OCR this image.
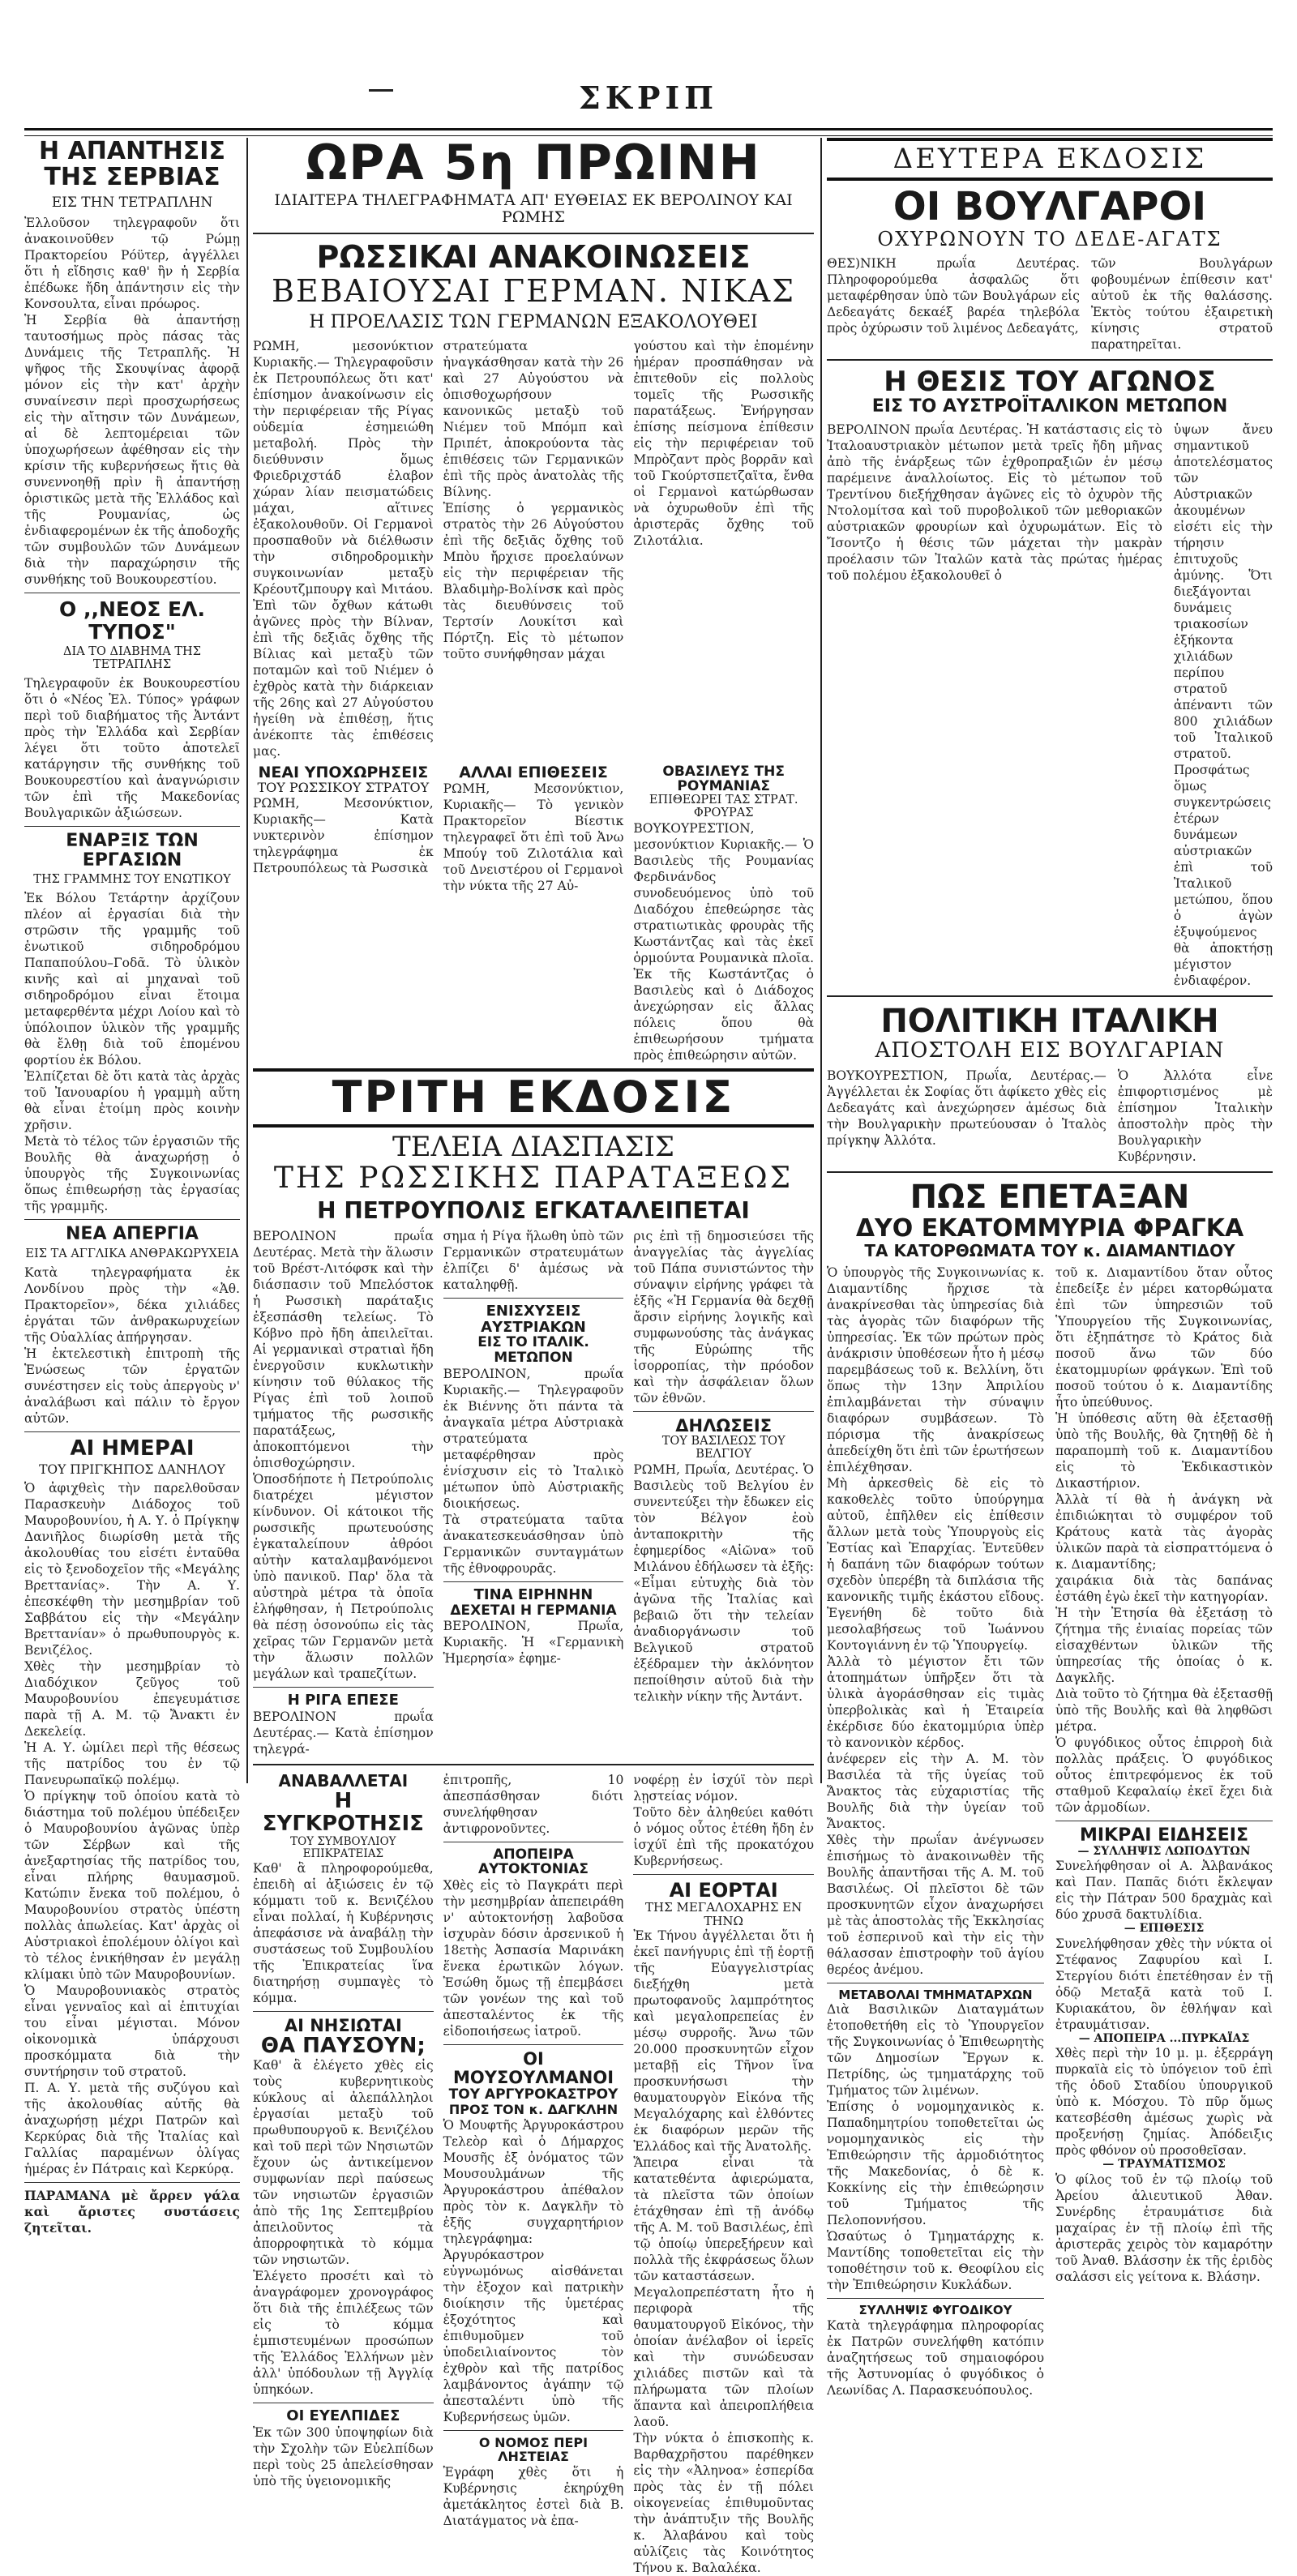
ΣΚΡΙΠ
Η ΑΠΑΝΤΗΣΙΣ
ΤΗΣ ΣΕΡΒΙΑΣ
ΕΙΣ ΤΗΝ ΤΕΤΡΑΠΛΗΝ

Ἐλλοῦσον τηλεγραφοῦν ὅτι ἀνακοινοῦθεν τῷ Ρώμῃ Πρακτορείου Ρόϋτερ, ἀγγέλλει ὅτι ἡ εἴδησις καθ' ἣν ἡ Σερβία ἐπέδωκε ἤδη ἀπάντησιν εἰς τὴν Κονσουλτα, εἶναι πρόωρος.

Ἡ Σερβία θὰ ἀπαντήσῃ ταυτοσήμως πρὸς πάσας τὰς Δυνάμεις τῆς Τετραπλῆς. Ἡ ψῆφος τῆς Σκουψίνας ἀφορᾷ μόνον εἰς τὴν κατ' ἀρχὴν συναίνεσιν περὶ προσχωρήσεως εἰς τὴν αἴτησιν τῶν Δυνάμεων, αἱ δὲ λεπτομέρειαι τῶν ὑποχωρήσεων ἀφέθησαν εἰς τὴν κρίσιν τῆς κυβερνήσεως ἥτις θὰ συνεννοηθῇ πρὶν ἢ ἀπαντήσῃ ὁριστικῶς μετὰ τῆς Ἑλλάδος καὶ τῆς Ρουμανίας, ὡς ἐνδιαφερομένων ἐκ τῆς ἀποδοχῆς τῶν συμβουλῶν τῶν Δυνάμεων διὰ τὴν παραχώρησιν τῆς συνθήκης τοῦ Βουκουρεστίου.

Ο ,,ΝΕΟΣ ΕΛ. ΤΥΠΟΣ"
ΔΙΑ ΤΟ ΔΙΑΒΗΜΑ ΤΗΣ ΤΕΤΡΑΠΛΗΣ

Τηλεγραφοῦν ἐκ Βουκουρεστίου ὅτι ὁ «Νέος Ἑλ. Τύπος» γράφων περὶ τοῦ διαβήματος τῆς Ἀντάντ πρὸς τὴν Ἑλλάδα καὶ Σερβίαν λέγει ὅτι τοῦτο ἀποτελεῖ κατάργησιν τῆς συνθήκης τοῦ Βουκουρεστίου καὶ ἀναγνώρισιν τῶν ἐπὶ τῆς Μακεδονίας Βουλγαρικῶν ἀξιώσεων.

ΕΝΑΡΞΙΣ ΤΩΝ ΕΡΓΑΣΙΩΝ
ΤΗΣ ΓΡΑΜΜΗΣ ΤΟΥ ΕΝΩΤΙΚΟΥ

Ἐκ Βόλου Τετάρτην ἀρχίζουν πλέον αἱ ἐργασίαι διὰ τὴν στρῶσιν τῆς γραμμῆς τοῦ ἑνωτικοῦ σιδηροδρόμου Παπαπούλου–Γοδᾶ. Τὸ ὑλικὸν κινῆς καὶ αἱ μηχαναὶ τοῦ σιδηροδρόμου εἶναι ἕτοιμα μεταφερθέντα μέχρι Λοίου καὶ τὸ ὑπόλοιπον ὑλικὸν τῆς γραμμῆς θὰ ἔλθῃ διὰ τοῦ ἑπομένου φορτίου ἐκ Βόλου.

Ἐλπίζεται δὲ ὅτι κατὰ τὰς ἀρχὰς τοῦ Ἰανουαρίου ἡ γραμμὴ αὕτη θὰ εἶναι ἑτοίμη πρὸς κοινὴν χρῆσιν.

Μετὰ τὸ τέλος τῶν ἐργασιῶν τῆς Βουλῆς θὰ ἀναχωρήσῃ ὁ ὑπουργὸς τῆς Συγκοινωνίας ὅπως ἐπιθεωρήσῃ τὰς ἐργασίας τῆς γραμμῆς.

ΝΕΑ ΑΠΕΡΓΙΑ
ΕΙΣ ΤΑ ΑΓΓΛΙΚΑ ΑΝΘΡΑΚΩΡΥΧΕΙΑ

Κατὰ τηλεγραφήματα ἐκ Λονδίνου πρὸς τὴν «Ἀθ. Πρακτορεῖον», δέκα χιλιάδες ἐργάται τῶν ἀνθρακωρυχείων τῆς Οὐαλλίας ἀπήργησαν.

Ἡ ἐκτελεστικὴ ἐπιτροπὴ τῆς Ἑνώσεως τῶν ἐργατῶν συνέστησεν εἰς τοὺς ἀπεργοὺς ν' ἀναλάβωσι καὶ πάλιν τὸ ἔργον αὐτῶν.

ΑΙ ΗΜΕΡΑΙ
ΤΟΥ ΠΡΙΓΚΗΠΟΣ ΔΑΝΗΛΟΥ

Ὁ ἀφιχθεὶς τὴν παρελθοῦσαν Παρασκευὴν Διάδοχος τοῦ Μαυροβουνίου, ἡ Α. Υ. ὁ Πρίγκηψ Δανιῆλος διωρίσθη μετὰ τῆς ἀκολουθίας του εἰσέτι ἐνταῦθα εἰς τὸ ξενοδοχεῖον τῆς «Μεγάλης Βρεττανίας». Τὴν Α. Υ. ἐπεσκέφθη τὴν μεσημβρίαν τοῦ Σαββάτου εἰς τὴν «Μεγάλην Βρεττανίαν» ὁ πρωθυπουργὸς κ. Βενιζέλος.

Χθὲς τὴν μεσημβρίαν τὸ Διαδόχικον ζεῦγος τοῦ Μαυροβουνίου ἐπεγευμάτισε παρὰ τῇ Α. Μ. τῷ Ἄνακτι ἐν Δεκελείᾳ.

Ἡ Α. Υ. ὡμίλει περὶ τῆς θέσεως τῆς πατρίδος του ἐν τῷ Πανευρωπαϊκῷ πολέμῳ.

Ὁ πρίγκηψ τοῦ ὁποίου κατὰ τὸ διάστημα τοῦ πολέμου ὑπέδειξεν ὁ Μαυροβουνίου ἀγῶνας ὑπὲρ τῶν Σέρβων καὶ τῆς ἀνεξαρτησίας τῆς πατρίδος του, εἶναι πλήρης θαυμασμοῦ. Κατώπιν ἔνεκα τοῦ πολέμου, ὁ Μαυροβουνίου στρατὸς ὑπέστη πολλὰς ἀπωλείας. Κατ' ἀρχὰς οἱ Αὐστριακοὶ ἐπολέμουν ὀλίγοι καὶ τὸ τέλος ἐνικήθησαν ἐν μεγάλῃ κλίμακι ὑπὸ τῶν Μαυροβουνίων.

Ὁ Μαυροβουνιακὸς στρατὸς εἶναι γενναῖος καὶ αἱ ἐπιτυχίαι του εἶναι μέγισται. Μόνον οἰκονομικὰ ὑπάρχουσι προσκόμματα διὰ τὴν συντήρησιν τοῦ στρατοῦ.

Π. Α. Υ. μετὰ τῆς συζύγου καὶ τῆς ἀκολουθίας αὐτῆς θὰ ἀναχωρήσῃ μέχρι Πατρῶν καὶ Κερκύρας διὰ τῆς Ἰταλίας καὶ Γαλλίας παραμένων ὀλίγας ἡμέρας ἐν Πάτραις καὶ Κερκύρᾳ.

ΠΑΡΑΜΑΝΑ μὲ ἄρρεν γάλα καὶ ἄριστες συστάσεις ζητεῖται.

ΩΡΑ 5η ΠΡΩΙΝΗ
ΙΔΙΑΙΤΕΡΑ ΤΗΛΕΓΡΑΦΗΜΑΤΑ ΑΠ' ΕΥΘΕΙΑΣ ΕΚ ΒΕΡΟΛΙΝΟΥ ΚΑΙ ΡΩΜΗΣ
ΡΩΣΣΙΚΑΙ ΑΝΑΚΟΙΝΩΣΕΙΣ
ΒΕΒΑΙΟΥΣΑΙ ΓΕΡΜΑΝ. ΝΙΚΑΣ
Η ΠΡΟΕΛΑΣΙΣ ΤΩΝ ΓΕΡΜΑΝΩΝ ΕΞΑΚΟΛΟΥΘΕΙ

ΡΩΜΗ, μεσονύκτιον Κυριακῆς.— Τηλεγραφοῦσιν ἐκ Πετρουπόλεως ὅτι κατ' ἐπίσημον ἀνακοίνωσιν εἰς τὴν περιφέρειαν τῆς Ρίγας οὐδεμία ἐσημειώθη μεταβολή. Πρὸς τὴν διεύθυνσιν ὅμως Φριεδριχστάδ ἐλαβον χώραν λίαν πεισματώδεις μάχαι, αἵτινες ἐξακολουθοῦν. Οἱ Γερμανοὶ προσπαθοῦν νὰ διέλθωσιν τὴν σιδηροδρομικὴν συγκοινωνίαν μεταξὺ Κρέουτζμπουργ καὶ Μιτάου.

Ἐπὶ τῶν ὄχθων κάτωθι ἀγῶνες πρὸς τὴν Βίλναν, ἐπὶ τῆς δεξιᾶς ὄχθης τῆς Βίλιας καὶ μεταξὺ τῶν ποταμῶν καὶ τοῦ Νιέμεν ὁ ἐχθρὸς κατὰ τὴν διάρκειαν τῆς 26ης καὶ 27 Αὐγούστου ἠγείθη νὰ ἐπιθέσῃ, ἥτις ἀνέκοπτε τὰς ἐπιθέσεις μας.

στρατεύματα ἠναγκάσθησαν κατὰ τὴν 26 καὶ 27 Αὐγούστου νὰ ὀπισθοχωρήσουν κανονικῶς μεταξὺ τοῦ Νιέμεν τοῦ Μπόμπ καὶ Πριπέτ, ἀποκρούοντα τὰς ἐπιθέσεις τῶν Γερμανικῶν ἐπὶ τῆς πρὸς ἀνατολὰς τῆς Βίλνης.

Ἐπίσης ὁ γερμανικὸς στρατὸς τὴν 26 Αὐγούστου ἐπὶ τῆς δεξιᾶς ὄχθης τοῦ Μπὸυ ἤρχισε προελαύνων εἰς τὴν περιφέρειαν τῆς Βλαδιμὴρ-Βολίνσκ καὶ πρὸς τὰς διευθύνσεις τοῦ Τερτσίν Λουκίτσι καὶ Πόρτζη. Εἰς τὸ μέτωπον τοῦτο συνήφθησαν μάχαι

γούστου καὶ τὴν ἑπομένην ἡμέραν προσπάθησαν νὰ ἐπιτεθοῦν εἰς πολλοὺς τομεῖς τῆς Ρωσσικῆς παρατάξεως. Ἐνήργησαν ἐπίσης πείσμονα ἐπίθεσιν εἰς τὴν περιφέρειαν τοῦ Μπρὸζαντ πρὸς βορρᾶν καὶ τοῦ Γκούρτσπετζαϊτα, ἔνθα οἱ Γερμανοὶ κατώρθωσαν νὰ ὀχυρωθοῦν ἐπὶ τῆς ἀριστερᾶς ὄχθης τοῦ Ζιλοτάλια.

ΝΕΑΙ ΥΠΟΧΩΡΗΣΕΙΣ
ΤΟΥ ΡΩΣΣΙΚΟΥ ΣΤΡΑΤΟΥ

ΡΩΜΗ, Μεσονύκτιον, Κυριακῆς— Κατὰ νυκτερινὸν ἐπίσημον τηλεγράφημα ἐκ Πετρουπόλεως τὰ Ρωσσικὰ

ΑΛΛΑΙ ΕΠΙΘΕΣΕΙΣ

ΡΩΜΗ, Μεσονύκτιον, Κυριακῆς— Τὸ γενικὸν Πρακτορεῖον Βίεστικ τηλεγραφεῖ ὅτι ἐπὶ τοῦ Ἀνω Μπούγ τοῦ Ζιλοτάλια καὶ τοῦ Δνειστέρου οἱ Γερμανοὶ τὴν νύκτα τῆς 27 Αὐ-

ΟΒΑΣΙΛΕΥΣ ΤΗΣ ΡΟΥΜΑΝΙΑΣ
ΕΠΙΘΕΩΡΕΙ ΤΑΣ ΣΤΡΑΤ. ΦΡΟΥΡΑΣ

ΒΟΥΚΟΥΡΕΣΤΙΟΝ, μεσονύκτιον Κυριακῆς.— Ὁ Βασιλεὺς τῆς Ρουμανίας Φερδινάνδος συνοδευόμενος ὑπὸ τοῦ Διαδόχου ἐπεθεώρησε τὰς στρατιωτικὰς φρουρὰς τῆς Κωστάντζας καὶ τὰς ἐκεῖ ὁρμούντα Ρουμανικὰ πλοῖα. Ἐκ τῆς Κωστάντζας ὁ Βασιλεὺς καὶ ὁ Διάδοχος ἀνεχώρησαν εἰς ἄλλας πόλεις ὅπου θὰ ἐπιθεωρήσουν τμήματα πρὸς ἐπιθεώρησιν αὐτῶν.

ΤΡΙΤΗ ΕΚΔΟΣΙΣ
ΤΕΛΕΙΑ ΔΙΑΣΠΑΣΙΣ
ΤΗΣ ΡΩΣΣΙΚΗΣ ΠΑΡΑΤΑΞΕΩΣ
Η ΠΕΤΡΟΥΠΟΛΙΣ ΕΓΚΑΤΑΛΕΙΠΕΤΑΙ

ΒΕΡΟΛΙΝΟΝ πρωΐα Δευτέρας. Μετὰ τὴν ἅλωσιν τοῦ Βρέστ-Λιτόφσκ καὶ τὴν διάσπασιν τοῦ Μπελόστοκ ἡ Ρωσσικὴ παράταξις ἐξεσπάσθη τελείως. Τὸ Κόβνο πρὸ ἤδη ἀπειλεῖται. Αἱ γερμανικαὶ στρατιαὶ ἤδη ἐνεργοῦσιν κυκλωτικὴν κίνησιν τοῦ θύλακος τῆς Ρίγας ἐπὶ τοῦ λοιποῦ τμήματος τῆς ρωσσικῆς παρατάξεως, ἀποκοπτόμενοι τὴν ὀπισθοχώρησιν. Ὁποσδήποτε ἡ Πετρούπολις διατρέχει μέγιστον κίνδυνον. Οἱ κάτοικοι τῆς ρωσσικῆς πρωτευούσης ἐγκαταλείπουν ἀθρόοι αὐτὴν καταλαμβανόμενοι ὑπὸ πανικοῦ. Παρ' ὅλα τὰ αὐστηρὰ μέτρα τὰ ὁποῖα ἐλήφθησαν, ἡ Πετρούπολις θὰ πέσῃ ὁσονούπω εἰς τὰς χεῖρας τῶν Γερμανῶν μετὰ τὴν ἅλωσιν πολλῶν μεγάλων καὶ τραπεζίτων.

Η ΡΙΓΑ ΕΠΕΣΕ

ΒΕΡΟΛΙΝΟΝ πρωΐα Δευτέρας.— Κατὰ ἐπίσημον τηλεγρά-

σημα ἡ Ρίγα ἥλωθη ὑπὸ τῶν Γερμανικῶν στρατευμάτων ἐλπίζει δ' ἀμέσως νὰ καταληφθῇ.

ΕΝΙΣΧΥΣΕΙΣ ΑΥΣΤΡΙΑΚΩΝ
ΕΙΣ ΤΟ ΙΤΑΛΙΚ. ΜΕΤΩΠΟΝ

ΒΕΡΟΛΙΝΟΝ, πρωΐα Κυριακῆς.— Τηλεγραφοῦν ἐκ Βιέννης ὅτι πάντα τὰ ἀναγκαῖα μέτρα Αὐστριακὰ στρατεύματα μεταφέρθησαν πρὸς ἐνίσχυσιν εἰς τὸ Ἰταλικὸ μέτωπον ὑπὸ Αὐστριακῆς διοικήσεως.

Τὰ στρατεύματα ταῦτα ἀνακατεσκευάσθησαν ὑπὸ Γερμανικῶν συνταγμάτων τῆς ἐθνοφρουρᾶς.

ΤΙΝΑ ΕΙΡΗΝΗΝ
ΔΕΧΕΤΑΙ Η ΓΕΡΜΑΝΙΑ

ΒΕΡΟΛΙΝΟΝ, Πρωΐα, Κυριακῆς. Ἡ «Γερμανικὴ Ἡμερησία» ἐφημε-

ρις ἐπὶ τῇ δημοσιεύσει τῆς ἀναγγελίας τὰς ἀγγελίας τοῦ Πάπα συνιστώντος τὴν σύναψιν εἰρήνης γράφει τὰ ἑξῆς «Ἡ Γερμανία θὰ δεχθῇ ἄρσιν εἰρήνης λογικῆς καὶ συμφωνούσης τὰς ἀνάγκας τῆς Εὐρώπης τῆς ἰσορροπίας, τὴν πρόοδον καὶ τὴν ἀσφάλειαν ὅλων τῶν ἐθνῶν.

ΔΗΛΩΣΕΙΣ
ΤΟΥ ΒΑΣΙΛΕΩΣ ΤΟΥ ΒΕΛΓΙΟΥ

ΡΩΜΗ, Πρωΐα, Δευτέρας. Ὁ Βασιλεὺς τοῦ Βελγίου ἐν συνεντεύξει τὴν ἔδωκεν εἰς τὸν Βέλγον ἑοὺ ἀνταποκριτὴν τῆς ἐφημερίδος «Αἰῶνα» τοῦ Μιλάνου ἐδήλωσεν τὰ ἑξῆς: «Εἶμαι εὐτυχὴς διὰ τὸν ἀγῶνα τῆς Ἰταλίας καὶ βεβαιῶ ὅτι τὴν τελείαν ἀναδιοργάνωσιν τοῦ Βελγικοῦ στρατοῦ ἐξέδραμεν τὴν ἀκλόνητον πεποίθησιν αὐτοῦ διὰ τὴν τελικὴν νίκην τῆς Ἀντάντ.

ΑΝΑΒΑΛΛΕΤΑΙ
Η ΣΥΓΚΡΟΤΗΣΙΣ
ΤΟΥ ΣΥΜΒΟΥΛΙΟΥ ΕΠΙΚΡΑΤΕΙΑΣ

Καθ' ἃ πληροφορούμεθα, ἐπειδὴ αἱ ἀξιώσεις ἐν τῷ κόμματι τοῦ κ. Βενιζέλου εἶναι πολλαί, ἡ Κυβέρνησις ἀπεφάσισε νὰ ἀναβάλῃ τὴν συστάσεως τοῦ Συμβουλίου τῆς Ἐπικρατείας ἵνα διατηρήσῃ συμπαγὲς τὸ κόμμα.

ΑΙ ΝΗΣΙΩΤΑΙ
ΘΑ ΠΑΥΣΟΥΝ;

Καθ' ἃ ἐλέγετο χθὲς εἰς τοὺς κυβερνητικοὺς κύκλους αἱ ἀλεπάλληλοι ἐργασίαι μεταξὺ τοῦ πρωθυπουργοῦ κ. Βενιζέλου καὶ τοῦ περὶ τῶν Νησιωτῶν ἔχουν ὡς ἀντικείμενον συμφωνίαν περὶ παύσεως τῶν νησιωτῶν ἐργασιῶν ἀπὸ τῆς 1ης Σεπτεμβρίου ἀπειλοῦντος τὰ ἀπορροφητικὰ τὸ κόμμα τῶν νησιωτῶν.

Ἐλέγετο προσέτι καὶ τὸ ἀναγράφομεν χρονογράφος ὅτι διὰ τῆς ἐπιλέξεως τῶν εἰς τὸ κόμμα ἐμπιστευμένων προσώπων τῆς Ἑλλάδος Ἑλλήνων μὲν ἀλλ' ὑπόδουλων τῇ Ἀγγλίᾳ ὑπηκόων.

ΟΙ ΕΥΕΛΠΙΔΕΣ

Ἐκ τῶν 300 ὑποψηφίων διὰ τὴν Σχολὴν τῶν Εὐελπίδων περὶ τοὺς 25 ἀπελείσθησαν ὑπὸ τῆς ὑγειονομικῆς

ἐπιτροπῆς, 10 ἀπεσπάσθησαν διότι συνελήφθησαν ἀντιφρονοῦντες.

ΑΠΟΠΕΙΡΑ ΑΥΤΟΚΤΟΝΙΑΣ

Χθὲς εἰς τὸ Παγκράτι περὶ τὴν μεσημβρίαν ἀπεπειράθη ν' αὐτοκτονήσῃ λαβοῦσα ἰσχυρὰν δόσιν ἀρσενικοῦ ἡ 18ετὴς Ἀσπασία Μαρινάκη ἕνεκα ἐρωτικῶν λόγων. Ἐσώθη ὅμως τῇ ἐπεμβάσει τῶν γονέων της καὶ τοῦ ἀπεσταλέντος ἐκ τῆς εἰδοποιήσεως ἰατροῦ.

ΟΙ ΜΟΥΣΟΥΛΜΑΝΟΙ
ΤΟΥ ΑΡΓΥΡΟΚΑΣΤΡΟΥ
ΠΡΟΣ ΤΟΝ κ. ΔΑΓΚΛΗΝ

Ὁ Μουφτῆς Ἀργυροκάστρου Τελεὸρ καὶ ὁ Δήμαρχος Μουσῆς ἐξ ὀνόματος τῶν Μουσουλμάνων τῆς Ἀργυροκάστρου ἀπέθαλον πρὸς τὸν κ. Δαγκλῆν τὸ ἑξῆς συγχαρητήριον τηλεγράφημα:

Ἀργυρόκαστρον εὐγνωμόνως αἰσθάνεται τὴν ἐξοχον καὶ πατρικὴν διοίκησιν τῆς ὑμετέρας ἐξοχότητος καὶ ἐπιθυμοῦμεν τοῦ ὑποδειλιαίνοντος τὸν ἐχθρὸν καὶ τῆς πατρίδος λαμβάνοντος ἀγάπην τῷ ἀπεσταλέντι ὑπὸ τῆς Κυβερνήσεως ὑμῶν.

Ο ΝΟΜΟΣ ΠΕΡΙ ΛΗΣΤΕΙΑΣ

Ἐγράφη χθὲς ὅτι ἡ Κυβέρνησις ἐκηρύχθη ἀμετάκλητος ἐστεὶ διὰ Β. Διατάγματος νὰ ἐπα-

νοφέρῃ ἐν ἰσχύϊ τὸν περὶ λῃστείας νόμον.

Τοῦτο δὲν ἀληθεύει καθότι ὁ νόμος οὗτος ἐτέθη ἤδη ἐν ἰσχύϊ ἐπὶ τῆς προκατόχου Κυβερνήσεως.

ΑΙ ΕΟΡΤΑΙ
ΤΗΣ ΜΕΓΑΛΟΧΑΡΗΣ ΕΝ ΤΗΝΩ

Ἐκ Τήνου ἀγγέλλεται ὅτι ἡ ἐκεῖ πανήγυρις ἐπὶ τῇ ἑορτῇ τῆς Εὐαγγελιστρίας διεξήχθη μετὰ πρωτοφανοῦς λαμπρότητος καὶ μεγαλοπρεπείας ἐν μέσῳ συρροῆς. Ἄνω τῶν 20.000 προσκυνητῶν εἶχον μεταβῇ εἰς Τῆνον ἵνα προσκυνήσωσι τὴν θαυματουργὸν Εἰκόνα τῆς Μεγαλόχαρης καὶ ἐλθόντες ἐκ διαφόρων μερῶν τῆς Ἑλλάδος καὶ τῆς Ἀνατολῆς.

Ἅπειρα εἶναι τὰ κατατεθέντα ἀφιερώματα, τὰ πλεῖστα τῶν ὁποίων ἐτάχθησαν ἐπὶ τῇ ἀνόδῳ τῆς Α. Μ. τοῦ Βασιλέως, ἐπὶ τῷ ὁποίῳ ὑπερεξήρευν καὶ πολλὰ τῆς ἐκφράσεως ὅλων τῶν καταστάσεων.

Μεγαλοπρεπέστατη ἦτο ἡ περιφορὰ τῆς θαυματουργοῦ Εἰκόνος, τὴν ὁποίαν ἀνέλαβον οἱ ἱερεῖς καὶ τὴν συνώδευσαν χιλιάδες πιστῶν καὶ τὰ πλήρωματα τῶν πλοίων ἅπαντα καὶ ἀπειροπλήθεια λαοῦ.

Τὴν νύκτα ὁ ἐπισκοπὴς κ. Βαρθαχρῆστου παρέθηκεν εἰς τὴν «Ἀληνοα» ἑσπερίδα πρὸς τὰς ἐν τῇ πόλει οἰκογενείας ἐπιθυμοῦντας τὴν ἀνάπτυξιν τῆς Βουλῆς κ. Ἀλαβάνου καὶ τοὺς αὐλίζεις τὰς Κοινότητος Τήνου κ. Βαλαλέκα.

ΔΕΥΤΕΡΑ ΕΚΔΟΣΙΣ
ΟΙ ΒΟΥΛΓΑΡΟΙ
ΟΧΥΡΩΝΟΥΝ ΤΟ ΔΕΔΕ-ΑΓΑΤΣ

ΘΕΣ)ΝΙΚΗ πρωΐα Δευτέρας. Πληροφορούμεθα ἀσφαλῶς ὅτι μεταφέρθησαν ὑπὸ τῶν Βουλγάρων εἰς Δεδεαγάτς δεκαέξ βαρέα τηλεβόλα πρὸς ὀχύρωσιν τοῦ λιμένος Δεδεαγάτς,

τῶν Βουλγάρων φοβουμένων ἐπίθεσιν κατ' αὐτοῦ ἐκ τῆς θαλάσσης. Ἐκτὸς τούτου ἐξαιρετικὴ κίνησις στρατοῦ παρατηρεῖται.

Η ΘΕΣΙΣ ΤΟΥ ΑΓΩΝΟΣ
ΕΙΣ ΤΟ ΑΥΣΤΡΟΪΤΑΛΙΚΟΝ ΜΕΤΩΠΟΝ

ΒΕΡΟΛΙΝΟΝ πρωΐα Δευτέρας. Ἡ κατάστασις εἰς τὸ Ἰταλοαυστριακὸν μέτωπον μετὰ τρεῖς ἤδη μῆνας ἀπὸ τῆς ἐνάρξεως τῶν ἐχθροπραξιῶν ἐν μέσῳ παρέμεινε ἀναλλοίωτος. Εἰς τὸ μέτωπον τοῦ Τρεντίνου διεξήχθησαν ἀγῶνες εἰς τὸ ὀχυρὸν τῆς Ντολομίτσα καὶ τοῦ πυροβολικοῦ τῶν μεθοριακῶν αὐστριακῶν φρουρίων καὶ ὀχυρωμάτων. Εἰς τὸ Ἴσοντζο ἡ θέσις τῶν μάχεται τὴν μακρὰν προέλασιν τῶν Ἰταλῶν κατὰ τὰς πρώτας ἡμέρας τοῦ πολέμου ἐξακολουθεῖ ὁ

ὑψων ἄνευ σημαντικοῦ ἀποτελέσματος τῶν Αὐστριακῶν ἀκουμένων εἰσέτι εἰς τὴν τήρησιν ἐπιτυχοῦς ἀμύνης. Ὅτι διεξάγονται δυνάμεις τριακοσίων ἑξήκοντα χιλιάδων περίπου στρατοῦ ἀπέναντι τῶν 800 χιλιάδων τοῦ Ἰταλικοῦ στρατοῦ.

Προσφάτως ὅμως συγκεντρώσεις ἐτέρων δυνάμεων αὐστριακῶν ἐπὶ τοῦ Ἰταλικοῦ μετώπου, ὅπου ὁ ἀγὼν ἐξυψούμενος θὰ ἀποκτήσῃ μέγιστον ἐνδιαφέρον.

ΠΟΛΙΤΙΚΗ ΙΤΑΛΙΚΗ
ΑΠΟΣΤΟΛΗ ΕΙΣ ΒΟΥΛΓΑΡΙΑΝ

ΒΟΥΚΟΥΡΕΣΤΙΟΝ, Πρωΐα, Δευτέρας.— Ἀγγέλλεται ἐκ Σοφίας ὅτι ἀφίκετο χθὲς εἰς Δεδεαγάτς καὶ ἀνεχώρησεν ἀμέσως διὰ τὴν Βουλγαρικὴν πρωτεύουσαν ὁ Ἰταλὸς πρίγκηψ Ἀλλότα.

Ὁ Ἀλλότα εἶνε ἐπιφορτισμένος μὲ ἐπίσημον Ἰταλικὴν ἀποστολὴν πρὸς τὴν Βουλγαρικὴν Κυβέρνησιν.

ΠΩΣ ΕΠΕΤΑΞΑΝ
ΔΥΟ ΕΚΑΤΟΜΜΥΡΙΑ ΦΡΑΓΚΑ
ΤΑ ΚΑΤΟΡΘΩΜΑΤΑ ΤΟΥ κ. ΔΙΑΜΑΝΤΙΔΟΥ

Ὁ ὑπουργὸς τῆς Συγκοινωνίας κ. Διαμαντίδης ἤρχισε τὰ ἀνακρίνεσθαι τὰς ὑπηρεσίας διὰ τὰς ἀγορὰς τῶν διαφόρων τῆς ὑπηρεσίας. Ἐκ τῶν πρώτων πρὸς ἀνάκρισιν ὑποθέσεων ἦτο ἡ μέσῳ παρεμβάσεως τοῦ κ. Βελλίνη, ὅτι ὅπως τὴν 13ην Ἀπριλίου ἐπιλαμβάνεται τὴν σύναψιν διαφόρων συμβάσεων. Τὸ πόρισμα τῆς ἀνακρίσεως ἀπεδείχθη ὅτι ἐπὶ τῶν ἐρωτήσεων ἐπιλέχθησαν.

Μὴ ἀρκεσθεὶς δὲ εἰς τὸ κακοθελὲς τοῦτο ὑπούργημα αὐτοῦ, ἐπῆλθεν εἰς ἐπίθεσιν ἄλλων μετὰ τοὺς Ὑπουργοὺς εἰς Ἐστίας καὶ Ἐπαρχίας. Ἐντεῦθεν ἡ δαπάνη τῶν διαφόρων τούτων σχεδὸν ὑπερέβη τὰ διπλάσια τῆς κανονικῆς τιμῆς ἑκάστου εἴδους. Ἐγενήθη δὲ τοῦτο διὰ μεσολαβήσεως τοῦ Ἰωάννου Κοντογιάννη ἐν τῷ Ὑπουργείῳ.

Ἀλλὰ τὸ μέγιστον ἔτι τῶν ἀτοπημάτων ὑπῆρξεν ὅτι τὰ ὑλικὰ ἀγοράσθησαν εἰς τιμὰς ὑπερβολικὰς καὶ ἡ Ἑταιρεία ἐκέρδισε δύο ἑκατομμύρια ὑπὲρ τὸ κανονικὸν κέρδος.

ἀνέφερεν εἰς τὴν Α. Μ. τὸν Βασιλέα τὰ τῆς ὑγείας τοῦ Ἄνακτος τὰς εὐχαριστίας τῆς Βουλῆς διὰ τὴν ὑγείαν τοῦ Ἄνακτος.

Χθὲς τὴν πρωΐαν ἀνέγνωσεν ἐπισήμως τὸ ἀνακοινωθὲν τῆς Βουλῆς ἀπαντῆσαι τῆς Α. Μ. τοῦ Βασιλέως. Οἱ πλεῖστοι δὲ τῶν προσκυνητῶν εἶχον ἀναχωρήσει μὲ τὰς ἀποστολὰς τῆς Ἐκκλησίας τοῦ ἑσπερινοῦ καὶ τὴν εἰς τὴν θάλασσαν ἐπιστροφὴν τοῦ ἁγίου θερέος ἀνέμου.

ΜΕΤΑΒΟΛΑΙ ΤΜΗΜΑΤΑΡΧΩΝ

Διὰ Βασιλικῶν Διαταγμάτων ἐτοποθετήθη εἰς τὸ Ὑπουργεῖον τῆς Συγκοινωνίας ὁ Ἐπιθεωρητὴς τῶν Δημοσίων Ἔργων κ. Πετρίδης, ὡς τμηματάρχης τοῦ Τμήματος τῶν λιμένων.

Ἐπίσης ὁ νομομηχανικὸς κ. Παπαδημητρίου τοποθετεῖται ὡς νομομηχανικὸς εἰς τὴν Ἐπιθεώρησιν τῆς ἀρμοδιότητος τῆς Μακεδονίας, ὁ δὲ κ. Κοκκίνης εἰς τὴν ἐπιθεώρησιν τοῦ Τμήματος τῆς Πελοποννήσου.

Ὡσαύτως ὁ Τμηματάρχης κ. Μαντίδης τοποθετεῖται εἰς τὴν τοποθέτησιν τοῦ κ. Θεοφίλου εἰς τὴν Ἐπιθεώρησιν Κυκλάδων.

ΣΥΛΛΗΨΙΣ ΦΥΓΟΔΙΚΟΥ

Κατὰ τηλεγράφημα πληροφορίας ἐκ Πατρῶν συνελήφθη κατόπιν ἀναζητήσεως τοῦ σημαιοφόρου τῆς Ἀστυνομίας ὁ φυγόδικος ὁ Λεωνίδας Λ. Παρασκευόπουλος.

τοῦ κ. Διαμαντίδου ὅταν οὗτος ἐπεδείξε ἐν μέρει κατορθώματα ἐπὶ τῶν ὑπηρεσιῶν τοῦ Ὑπουργείου τῆς Συγκοινωνίας, ὅτι ἐξηπάτησε τὸ Κράτος διὰ ποσοῦ ἄνω τῶν δύο ἑκατομμυρίων φράγκων. Ἐπὶ τοῦ ποσοῦ τούτου ὁ κ. Διαμαντίδης ἦτο ὑπεύθυνος.

Ἡ ὑπόθεσις αὕτη θὰ ἐξετασθῇ ὑπὸ τῆς Βουλῆς, θὰ ζητηθῇ δὲ ἡ παραπομπὴ τοῦ κ. Διαμαντίδου εἰς τὸ Ἐκδικαστικὸν Δικαστήριον.

Ἀλλὰ τί θὰ ἡ ἀνάγκη νὰ ἐπιδιώκηται τὸ συμφέρον τοῦ Κράτους κατὰ τὰς ἀγορὰς ὑλικῶν παρὰ τὰ εἰσπραττόμενα ὁ κ. Διαμαντίδης;

χαιράκια διὰ τὰς δαπάνας ἐστάθη ἐγὼ ἐκεῖ τὴν κατηγορίαν.

Ἡ τὴν Ἐτησία θὰ ἐξετάσῃ τὸ ζήτημα τῆς ἐνιαίας πορείας τῶν εἰσαχθέντων ὑλικῶν τῆς ὑπηρεσίας τῆς ὁποίας ὁ κ. Δαγκλῆς.

Διὰ τοῦτο τὸ ζήτημα θὰ ἐξετασθῇ ὑπὸ τῆς Βουλῆς καὶ θὰ ληφθῶσι μέτρα.

Ὁ φυγόδικος οὗτος ἐπιρροὴ διὰ πολλὰς πράξεις. Ὁ φυγόδικος οὗτος ἐπιτρεφόμενος ἐκ τοῦ σταθμοῦ Κεφαλαίῳ ἐκεῖ ἔχει διὰ τῶν ἀρμοδίων.

ΜΙΚΡΑΙ ΕΙΔΗΣΕΙΣ
— ΣΥΛΛΗΨΙΣ ΛΩΠΟΔΥΤΩΝ

Συνελήφθησαν οἱ Α. Ἀλβανάκος καὶ Παν. Παπᾶς διότι ἔκλεψαν εἰς τὴν Πάτραν 500 δραχμὰς καὶ δύο χρυσᾶ δακτυλίδια.

— ΕΠΙΘΕΣΙΣ

Συνελήφθησαν χθὲς τὴν νύκτα οἱ Στέφανος Ζαφυρίου καὶ Ι. Στεργίου διότι ἐπετέθησαν ἐν τῇ ὁδῷ Μεταξᾶ κατὰ τοῦ Ι. Κυριακάτου, ὃν ἐθλήψαν καὶ ἐτραυμάτισαν.

— ΑΠΟΠΕΙΡΑ ...ΠΥΡΚΑΪΑΣ

Χθὲς περὶ τὴν 10 μ. μ. ἐξερράγη πυρκαϊὰ εἰς τὸ ὑπόγειον τοῦ ἐπὶ τῆς ὁδοῦ Σταδίου ὑπουργικοῦ ὑπὸ κ. Μόσχου. Τὸ πῦρ ὅμως κατεσβέσθη ἀμέσως χωρὶς νὰ προξενήσῃ ζημίας. Ἀπόδειξις πρὸς φθόνον οὐ προσοθεῖσαν.

— ΤΡΑΥΜΑΤΙΣΜΟΣ

Ὁ φίλος τοῦ ἐν τῷ πλοίῳ τοῦ Ἀρείου ἁλιευτικοῦ Ἀθαν. Συνέρδης ἐτραυμάτισε διὰ μαχαίρας ἐν τῇ πλοίῳ ἐπὶ τῆς ἀριστερᾶς χειρὸς τὸν καμαρότην τοῦ Ἀναθ. Βλάσσην ἐκ τῆς ἐριδὸς σαλάσσι εἰς γείτονα κ. Βλάσην.
